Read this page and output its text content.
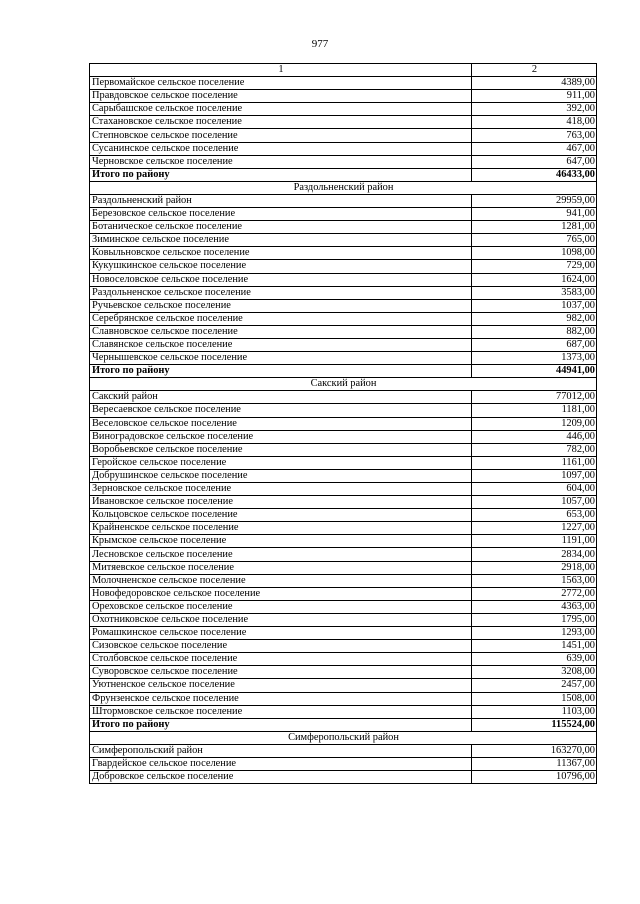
977
1	2
Первомайское сельское поселение	4389,00
Правдовское сельское поселение	911,00
Сарыбашское сельское поселение	392,00
Стахановское сельское поселение	418,00
Степновское сельское поселение	763,00
Сусанинское сельское поселение	467,00
Черновское сельское поселение	647,00
Итого по району	46433,00
Раздольненский район	
Раздольненский район	29959,00
Березовское сельское поселение	941,00
Ботаническое сельское поселение	1281,00
Зиминское сельское поселение	765,00
Ковыльновское сельское поселение	1098,00
Кукушкинское сельское поселение	729,00
Новоселовское сельское поселение	1624,00
Раздольненское сельское поселение	3583,00
Ручьевское сельское поселение	1037,00
Серебрянское сельское поселение	982,00
Славновское сельское поселение	882,00
Славянское сельское поселение	687,00
Чернышевское сельское поселение	1373,00
Итого по району	44941,00
Сакский район	
Сакский район	77012,00
Вересаевское сельское поселение	1181,00
Веселовское сельское поселение	1209,00
Виноградовское сельское поселение	446,00
Воробьевское сельское поселение	782,00
Геройское сельское поселение	1161,00
Добрушинское сельское поселение	1097,00
Зерновское сельское поселение	604,00
Ивановское сельское поселение	1057,00
Кольцовское сельское поселение	653,00
Крайненское сельское поселение	1227,00
Крымское сельское поселение	1191,00
Лесновское сельское поселение	2834,00
Митяевское сельское поселение	2918,00
Молочненское сельское поселение	1563,00
Новофедоровское сельское поселение	2772,00
Ореховское сельское поселение	4363,00
Охотниковское сельское поселение	1795,00
Ромашкинское сельское поселение	1293,00
Сизовское сельское поселение	1451,00
Столбовское сельское поселение	639,00
Суворовское сельское поселение	3208,00
Уютненское сельское поселение	2457,00
Фрунзенское сельское поселение	1508,00
Штормовское сельское поселение	1103,00
Итого по району	115524,00
Симферопольский район	
Симферопольский район	163270,00
Гвардейское сельское поселение	11367,00
Добровское сельское поселение	10796,00
